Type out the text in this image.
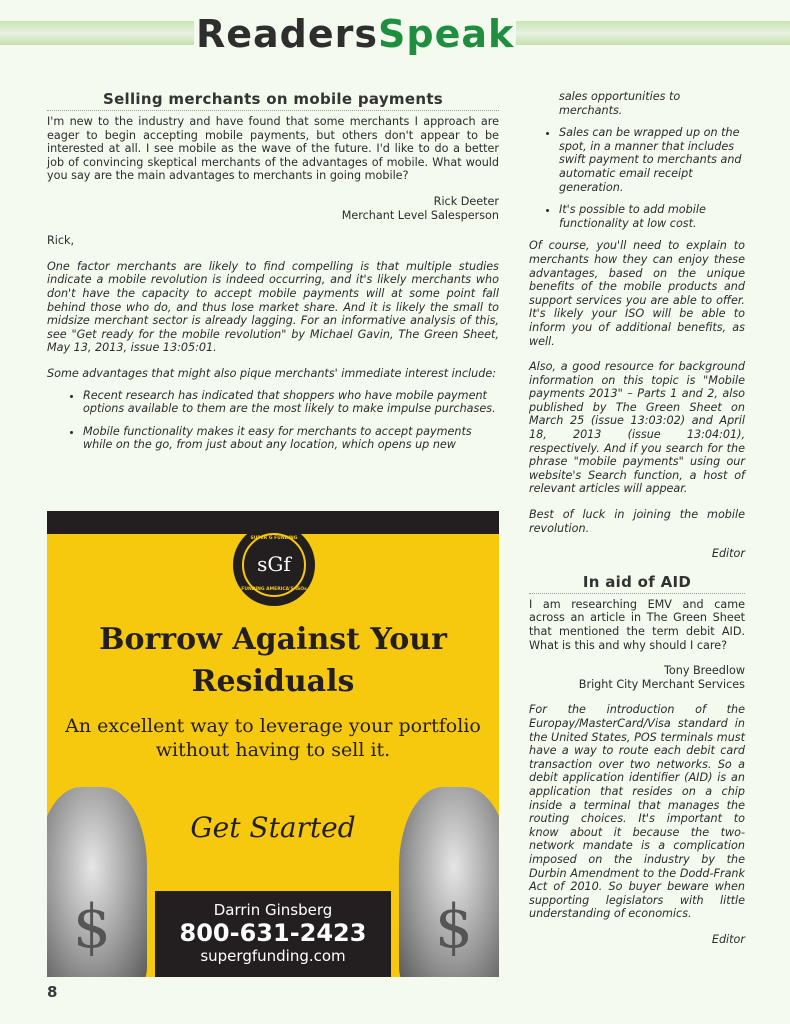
ReadersSpeak
Selling merchants on mobile payments

I'm new to the industry and have found that some merchants I approach are eager to begin accepting mobile payments, but others don't appear to be interested at all. I see mobile as the wave of the future. I'd like to do a better job of convincing skeptical merchants of the advantages of mobile. What would you say are the main advantages to merchants in going mobile?

Rick Deeter
Merchant Level Salesperson

Rick,

One factor merchants are likely to find compelling is that multiple studies indicate a mobile revolution is indeed occurring, and it's likely merchants who don't have the capacity to accept mobile payments will at some point fall behind those who do, and thus lose market share. And it is likely the small to midsize merchant sector is already lagging. For an informative analysis of this, see "Get ready for the mobile revolution" by Michael Gavin, The Green Sheet, May 13, 2013, issue 13:05:01.

Some advantages that might also pique merchants' immediate interest include:

• Recent research has indicated that shoppers who have mobile payment options available to them are the most likely to make impulse purchases.
• Mobile functionality makes it easy for merchants to accept payments while on the go, from just about any location, which opens up new
SUPER G FUNDING
sGf
FUNDING AMERICA'S ISOs
Borrow Against Your Residuals
An excellent way to leverage your portfolio without having to sell it.
Get Started
$	$
Darrin Ginsberg
800-631-2423
supergfunding.com
sales opportunities to merchants.
• Sales can be wrapped up on the spot, in a manner that includes swift payment to merchants and automatic email receipt generation.
• It's possible to add mobile functionality at low cost.

Of course, you'll need to explain to merchants how they can enjoy these advantages, based on the unique benefits of the mobile products and support services you are able to offer. It's likely your ISO will be able to inform you of additional benefits, as well.

Also, a good resource for background information on this topic is "Mobile payments 2013" – Parts 1 and 2, also published by The Green Sheet on March 25 (issue 13:03:02) and April 18, 2013 (issue 13:04:01), respectively. And if you search for the phrase "mobile payments" using our website's Search function, a host of relevant articles will appear.

Best of luck in joining the mobile revolution.

Editor
In aid of AID

I am researching EMV and came across an article in The Green Sheet that mentioned the term debit AID. What is this and why should I care?

Tony Breedlow
Bright City Merchant Services

For the introduction of the Europay/MasterCard/Visa standard in the United States, POS terminals must have a way to route each debit card transaction over two networks. So a debit application identifier (AID) is an application that resides on a chip inside a terminal that manages the routing choices. It's important to know about it because the two-network mandate is a complication imposed on the industry by the Durbin Amendment to the Dodd-Frank Act of 2010. So buyer beware when supporting legislators with little understanding of economics.

Editor
8
